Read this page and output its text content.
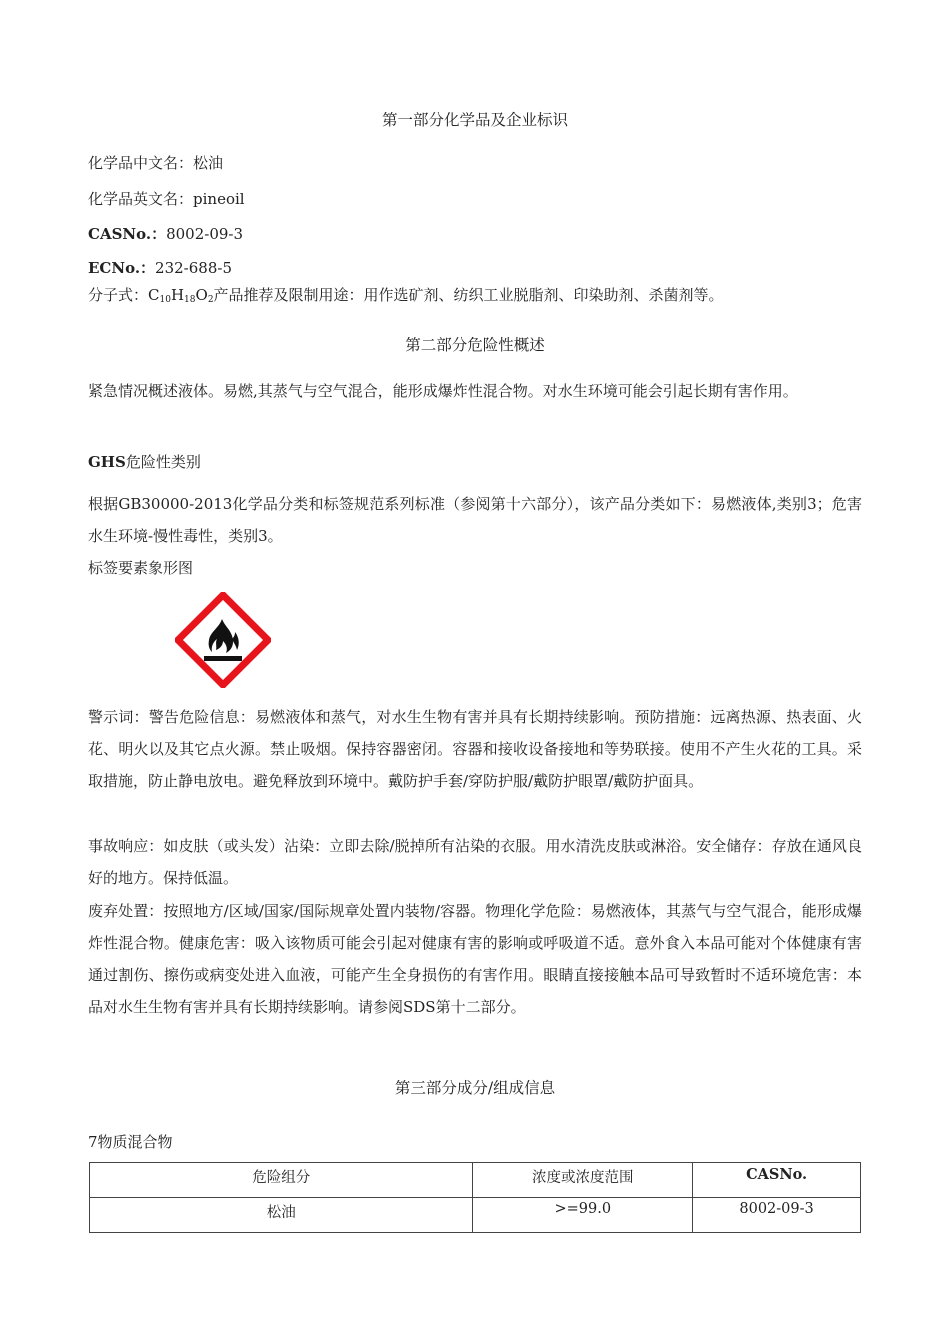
第一部分化学品及企业标识
化学品中文名：松油
化学品英文名：pineoil
CASNo.：8002-09-3
ECNo.：232-688-5
分子式：$C_{10}H_{18}O_2$产品推荐及限制用途：用作选矿剂、纺织工业脱脂剂、印染助剂、杀菌剂等。
第二部分危险性概述
紧急情况概述液体。易燃,其蒸气与空气混合，能形成爆炸性混合物。对水生环境可能会引起长期有害作用。
GHS危险性类别
根据GB30000-2013化学品分类和标签规范系列标准（参阅第十六部分），该产品分类如下：易燃液体,类别3；危害水生环境-慢性毒性，类别3。
标签要素象形图
警示词：警告危险信息：易燃液体和蒸气，对水生生物有害并具有长期持续影响。预防措施：远离热源、热表面、火花、明火以及其它点火源。禁止吸烟。保持容器密闭。容器和接收设备接地和等势联接。使用不产生火花的工具。采取措施，防止静电放电。避免释放到环境中。戴防护手套/穿防护服/戴防护眼罩/戴防护面具。
事故响应：如皮肤（或头发）沾染：立即去除/脱掉所有沾染的衣服。用水清洗皮肤或淋浴。安全储存：存放在通风良好的地方。保持低温。
废弃处置：按照地方/区域/国家/国际规章处置内装物/容器。物理化学危险：易燃液体，其蒸气与空气混合，能形成爆炸性混合物。健康危害：吸入该物质可能会引起对健康有害的影响或呼吸道不适。意外食入本品可能对个体健康有害通过割伤、擦伤或病变处进入血液，可能产生全身损伤的有害作用。眼睛直接接触本品可导致暂时不适环境危害：本品对水生生物有害并具有长期持续影响。请参阅SDS第十二部分。
第三部分成分/组成信息
7物质混合物
危险组分	浓度或浓度范围	CASNo.
松油	>=99.0	8002-09-3
